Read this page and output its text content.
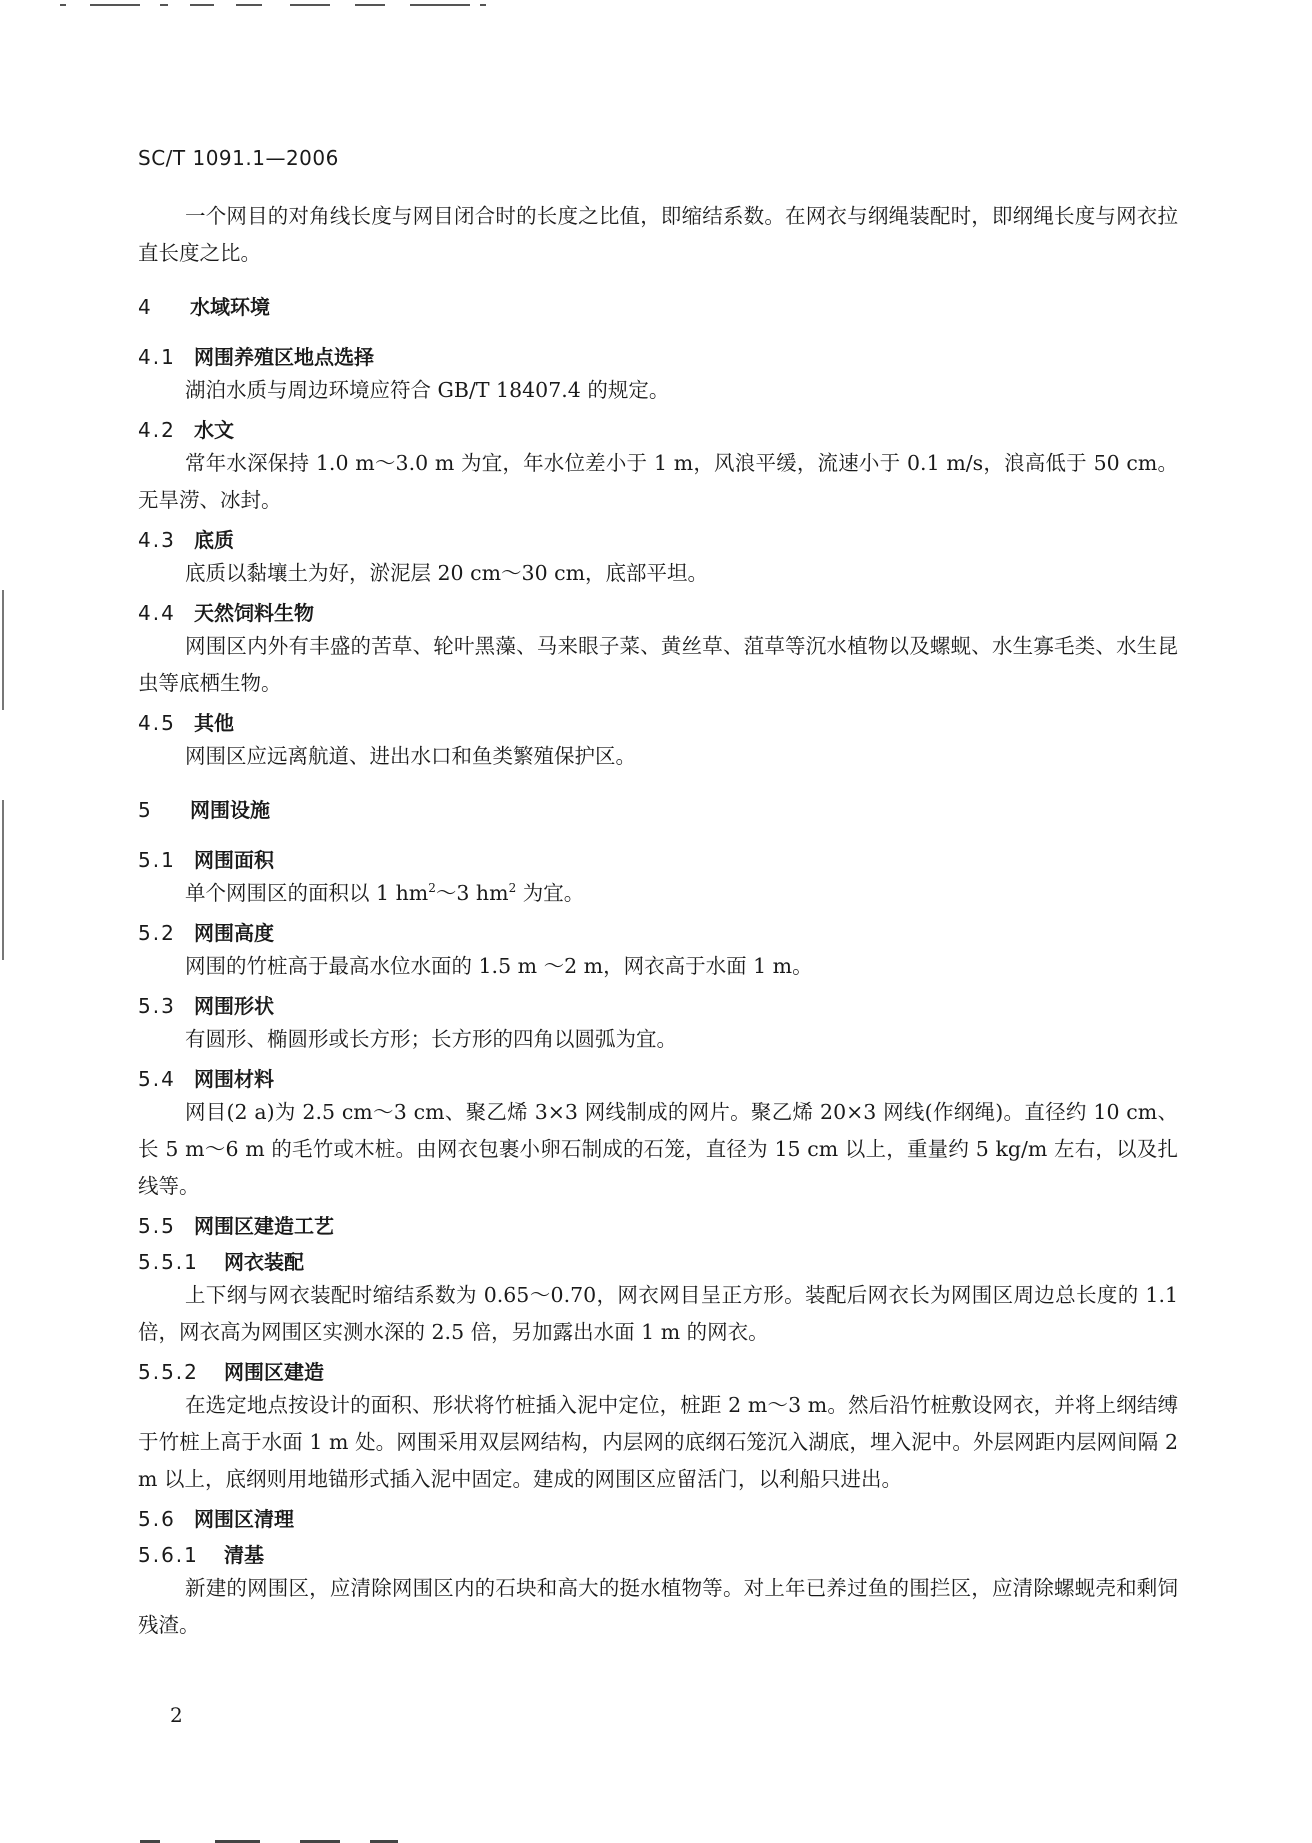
SC/T 1091.1—2006

一个网目的对角线长度与网目闭合时的长度之比值，即缩结系数。在网衣与纲绳装配时，即纲绳长度与网衣拉直长度之比。

4 水域环境

4.1 网围养殖区地点选择

湖泊水质与周边环境应符合 GB/T 18407.4 的规定。

4.2 水文

常年水深保持 1.0 m～3.0 m 为宜，年水位差小于 1 m，风浪平缓，流速小于 0.1 m/s，浪高低于 50 cm。无旱涝、冰封。

4.3 底质

底质以黏壤土为好，淤泥层 20 cm～30 cm，底部平坦。

4.4 天然饲料生物

网围区内外有丰盛的苦草、轮叶黑藻、马来眼子菜、黄丝草、菹草等沉水植物以及螺蚬、水生寡毛类、水生昆虫等底栖生物。

4.5 其他

网围区应远离航道、进出水口和鱼类繁殖保护区。

5 网围设施

5.1 网围面积

单个网围区的面积以 1 $hm^2\sim 3$ $hm^2$ 为宜。

5.2 网围高度

网围的竹桩高于最高水位水面的 1.5 m ～2 m，网衣高于水面 1 m。

5.3 网围形状

有圆形、椭圆形或长方形；长方形的四角以圆弧为宜。

5.4 网围材料

网目(2 a)为 2.5 cm～3 cm、聚乙烯 3×3 网线制成的网片。聚乙烯 20×3 网线(作纲绳)。直径约 10 cm、长 5 m～6 m 的毛竹或木桩。由网衣包裹小卵石制成的石笼，直径为 15 cm 以上，重量约 5 kg/m 左右，以及扎线等。

5.5 网围区建造工艺

5.5.1 网衣装配

上下纲与网衣装配时缩结系数为 0.65～0.70，网衣网目呈正方形。装配后网衣长为网围区周边总长度的 1.1 倍，网衣高为网围区实测水深的 2.5 倍，另加露出水面 1 m 的网衣。

5.5.2 网围区建造

在选定地点按设计的面积、形状将竹桩插入泥中定位，桩距 2 m～3 m。然后沿竹桩敷设网衣，并将上纲结缚于竹桩上高于水面 1 m 处。网围采用双层网结构，内层网的底纲石笼沉入湖底，埋入泥中。外层网距内层网间隔 2 m 以上，底纲则用地锚形式插入泥中固定。建成的网围区应留活门，以利船只进出。

5.6 网围区清理

5.6.1 清基

新建的网围区，应清除网围区内的石块和高大的挺水植物等。对上年已养过鱼的围拦区，应清除螺蚬壳和剩饲残渣。

2
